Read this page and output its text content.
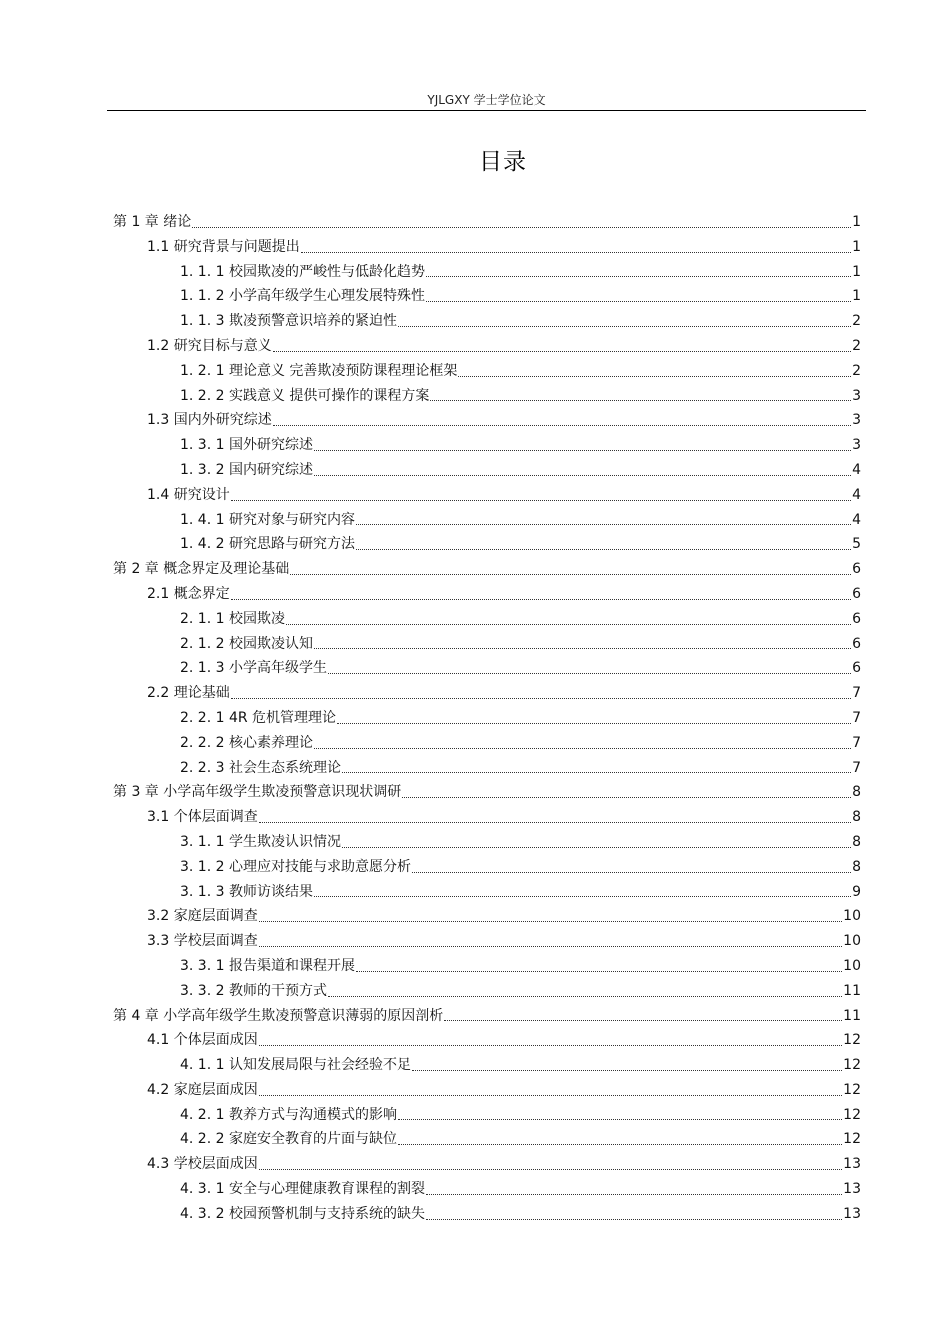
YJLGXY 学士学位论文
目录
第 1 章 绪论	1
1.1 研究背景与问题提出	1
1. 1. 1 校园欺凌的严峻性与低龄化趋势	1
1. 1. 2 小学高年级学生心理发展特殊性	1
1. 1. 3 欺凌预警意识培养的紧迫性	2
1.2 研究目标与意义	2
1. 2. 1 理论意义 完善欺凌预防课程理论框架	2
1. 2. 2 实践意义 提供可操作的课程方案	3
1.3 国内外研究综述	3
1. 3. 1 国外研究综述	3
1. 3. 2 国内研究综述	4
1.4 研究设计	4
1. 4. 1 研究对象与研究内容	4
1. 4. 2 研究思路与研究方法	5
第 2 章 概念界定及理论基础	6
2.1 概念界定	6
2. 1. 1 校园欺凌	6
2. 1. 2 校园欺凌认知	6
2. 1. 3 小学高年级学生	6
2.2 理论基础	7
2. 2. 1 4R 危机管理理论	7
2. 2. 2 核心素养理论	7
2. 2. 3 社会生态系统理论	7
第 3 章 小学高年级学生欺凌预警意识现状调研	8
3.1 个体层面调查	8
3. 1. 1 学生欺凌认识情况	8
3. 1. 2 心理应对技能与求助意愿分析	8
3. 1. 3 教师访谈结果	9
3.2 家庭层面调查	10
3.3 学校层面调查	10
3. 3. 1 报告渠道和课程开展	10
3. 3. 2 教师的干预方式	11
第 4 章 小学高年级学生欺凌预警意识薄弱的原因剖析	11
4.1 个体层面成因	12
4. 1. 1 认知发展局限与社会经验不足	12
4.2 家庭层面成因	12
4. 2. 1 教养方式与沟通模式的影响	12
4. 2. 2 家庭安全教育的片面与缺位	12
4.3 学校层面成因	13
4. 3. 1 安全与心理健康教育课程的割裂	13
4. 3. 2 校园预警机制与支持系统的缺失	13
